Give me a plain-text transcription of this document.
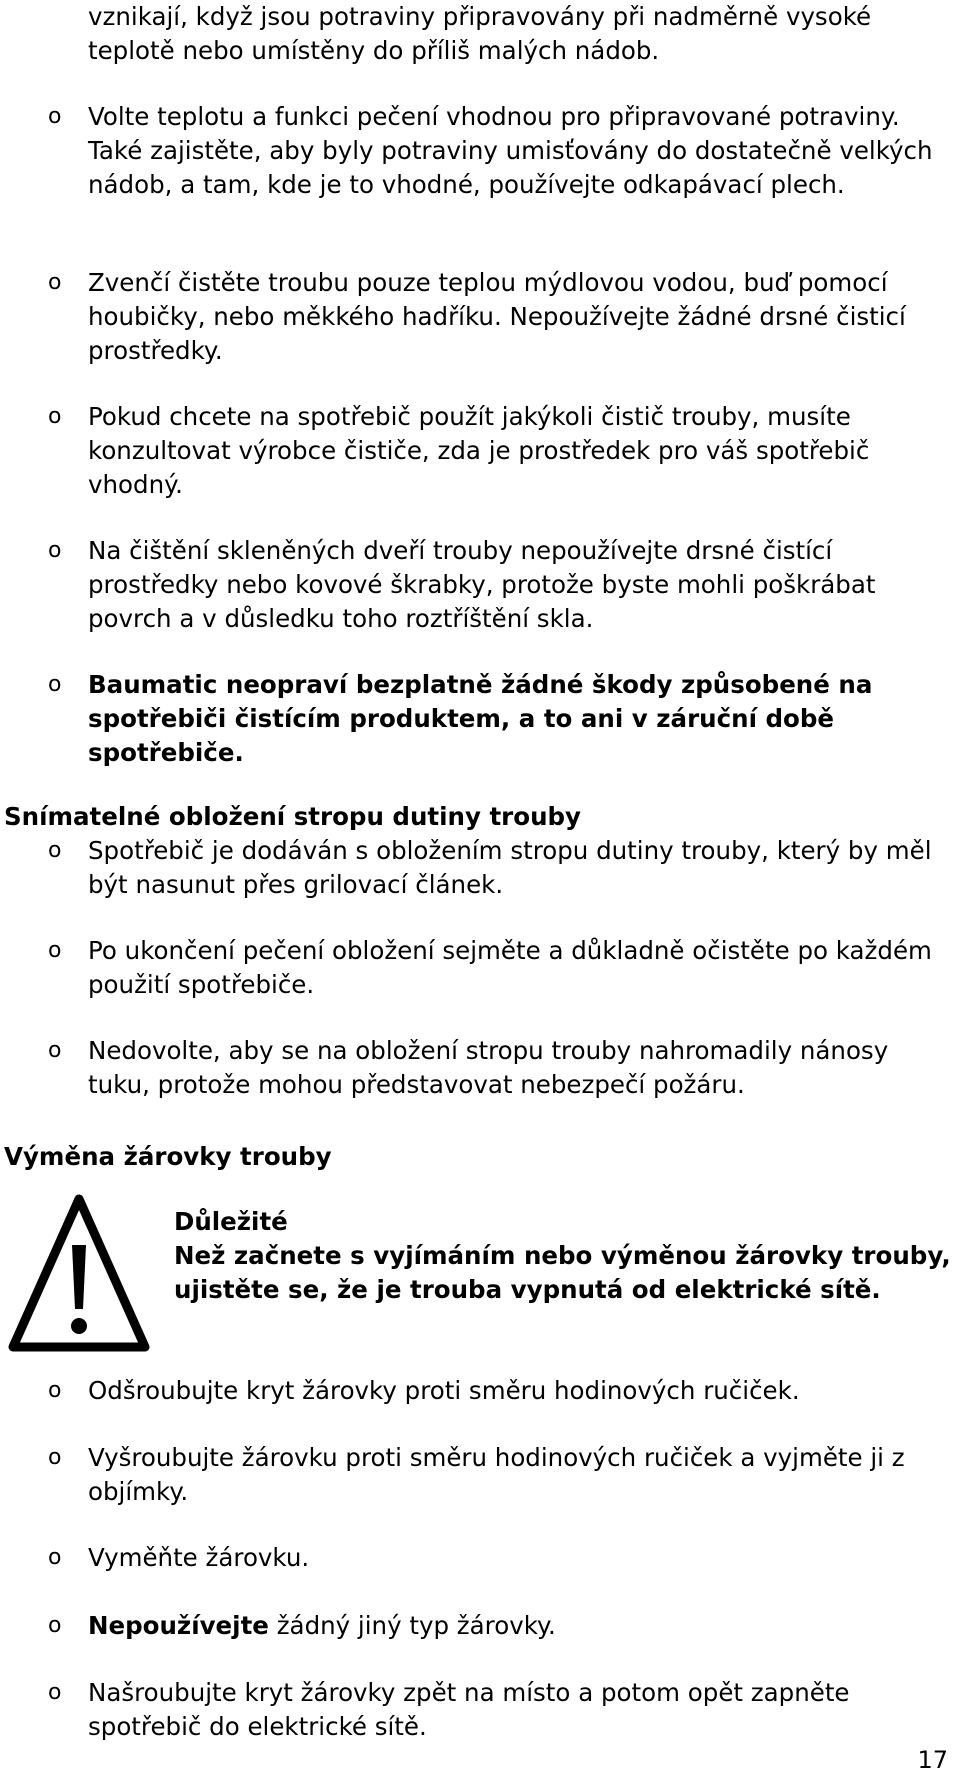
vznikají, když jsou potraviny připravovány při nadměrně vysoké teplotě nebo umístěny do příliš malých nádob.
o	Volte teplotu a funkci pečení vhodnou pro připravované potraviny. Také zajistěte, aby byly potraviny umisťovány do dostatečně velkých nádob, a tam, kde je to vhodné, používejte odkapávací plech.
o	Zvenčí čistěte troubu pouze teplou mýdlovou vodou, buď pomocí houbičky, nebo měkkého hadříku. Nepoužívejte žádné drsné čisticí prostředky.
o	Pokud chcete na spotřebič použít jakýkoli čistič trouby, musíte konzultovat výrobce čističe, zda je prostředek pro váš spotřebič vhodný.
o	Na čištění skleněných dveří trouby nepoužívejte drsné čistící prostředky nebo kovové škrabky, protože byste mohli poškrábat povrch a v důsledku toho roztříštění skla.
o	Baumatic neopraví bezplatně žádné škody způsobené na spotřebiči čistícím produktem, a to ani v záruční době spotřebiče.
Snímatelné obložení stropu dutiny trouby
o	Spotřebič je dodáván s obložením stropu dutiny trouby, který by měl být nasunut přes grilovací článek.
o	Po ukončení pečení obložení sejměte a důkladně očistěte po každém použití spotřebiče.
o	Nedovolte, aby se na obložení stropu trouby nahromadily nánosy tuku, protože mohou představovat nebezpečí požáru.
Výměna žárovky trouby
Důležité
Než začnete s vyjímáním nebo výměnou žárovky trouby, ujistěte se, že je trouba vypnutá od elektrické sítě.
o	Odšroubujte kryt žárovky proti směru hodinových ručiček.
o	Vyšroubujte žárovku proti směru hodinových ručiček a vyjměte ji z objímky.
o	Vyměňte žárovku.
o	Nepoužívejte žádný jiný typ žárovky.
o	Našroubujte kryt žárovky zpět na místo a potom opět zapněte spotřebič do elektrické sítě.
17
